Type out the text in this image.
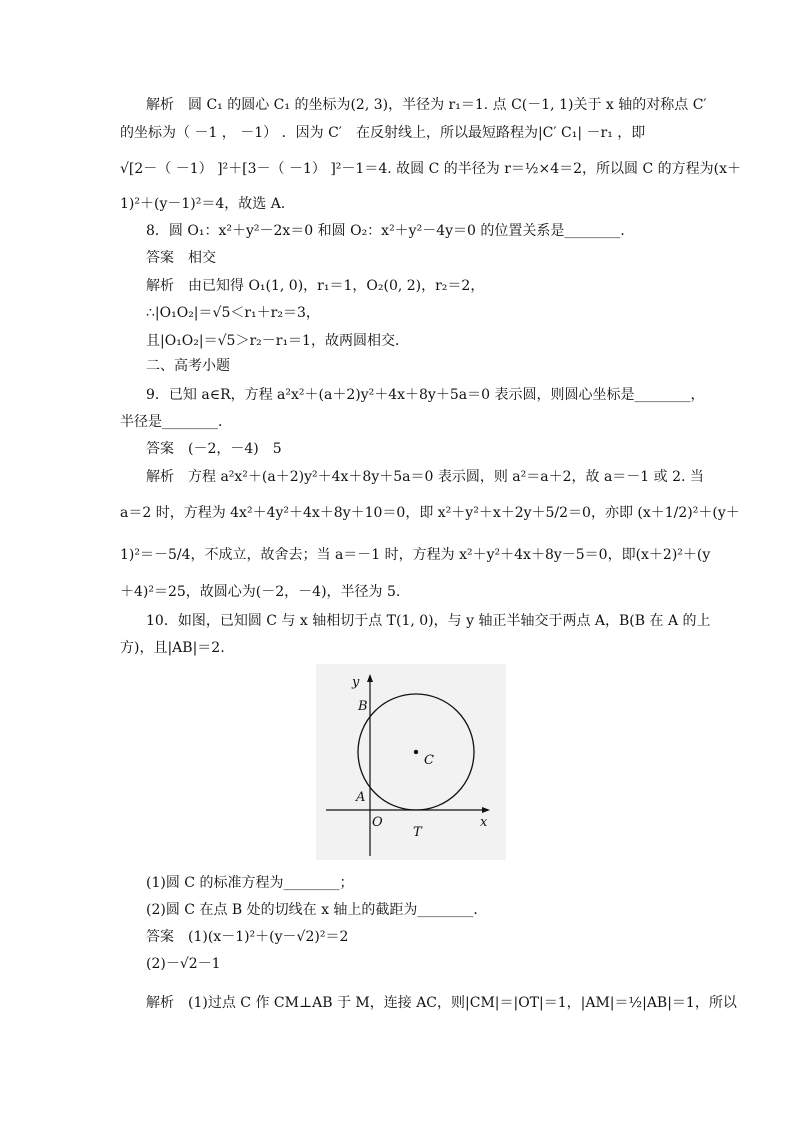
解析　圆 C₁ 的圆心 C₁ 的坐标为(2, 3)，半径为 r₁＝1. 点 C(－1, 1)关于 x 轴的对称点 C′
的坐标为（ －1 ， －1） ．因为 C′　在反射线上，所以最短路程为|C′ C₁| －r₁ ，即
√[2－（ －1） ]²＋[3－（ －1） ]²－1＝4. 故圆 C 的半径为 r＝½×4＝2，所以圆 C 的方程为(x＋
1)²＋(y－1)²＝4，故选 A.
8．圆 O₁：x²＋y²－2x＝0 和圆 O₂：x²＋y²－4y＝0 的位置关系是________．
答案　相交
解析　由已知得 O₁(1, 0)，r₁＝1，O₂(0, 2)，r₂＝2，
∴|O₁O₂|＝√5＜r₁＋r₂＝3，
且|O₁O₂|＝√5＞r₂－r₁＝1，故两圆相交．
二、高考小题
9．已知 a∈R，方程 a²x²＋(a＋2)y²＋4x＋8y＋5a＝0 表示圆，则圆心坐标是________，
半径是________．
答案　(－2，－4)　5
解析　方程 a²x²＋(a＋2)y²＋4x＋8y＋5a＝0 表示圆，则 a²＝a＋2，故 a＝－1 或 2. 当
a＝2 时，方程为 4x²＋4y²＋4x＋8y＋10＝0，即 x²＋y²＋x＋2y＋5/2＝0，亦即 (x＋1/2)²＋(y＋
1)²＝－5/4，不成立，故舍去；当 a＝－1 时，方程为 x²＋y²＋4x＋8y－5＝0，即(x＋2)²＋(y
＋4)²＝25，故圆心为(－2，－4)，半径为 5.
10．如图，已知圆 C 与 x 轴相切于点 T(1, 0)，与 y 轴正半轴交于两点 A，B(B 在 A 的上
方)，且|AB|＝2.
y
B
A
O
T
x
C
(1)圆 C 的标准方程为________；
(2)圆 C 在点 B 处的切线在 x 轴上的截距为________．
答案　(1)(x－1)²＋(y－√2)²＝2
(2)－√2－1
解析　(1)过点 C 作 CM⊥AB 于 M，连接 AC，则|CM|＝|OT|＝1，|AM|＝½|AB|＝1，所以
